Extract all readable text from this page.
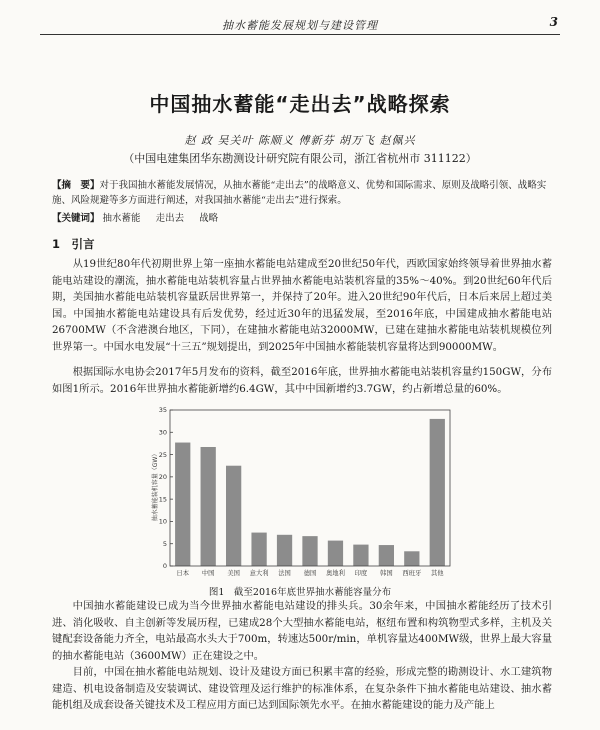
抽水蓄能发展规划与建设管理	3
中国抽水蓄能“走出去”战略探索
赵 政 吴关叶 陈顺义 傅新芬 胡万飞 赵佩兴
（中国电建集团华东勘测设计研究院有限公司，浙江省杭州市 311122）
【摘　要】对于我国抽水蓄能发展情况，从抽水蓄能“走出去”的战略意义、优势和国际需求、原则及战略引领、战略实施、风险规避等多方面进行阐述，对我国抽水蓄能“走出去”进行探索。
【关键词】 抽水蓄能 走出去 战略
1　引言
从19世纪80年代初期世界上第一座抽水蓄能电站建成至20世纪50年代，西欧国家始终领导着世界抽水蓄能电站建设的潮流，抽水蓄能电站装机容量占世界抽水蓄能电站装机容量的35%～40%。到20世纪60年代后期，美国抽水蓄能电站装机容量跃居世界第一，并保持了20年。进入20世纪90年代后，日本后来居上超过美国。中国抽水蓄能电站建设具有后发优势，经过近30年的迅猛发展，至2016年底，中国建成抽水蓄能电站26700MW（不含港澳台地区，下同），在建抽水蓄能电站32000MW，已建在建抽水蓄能电站装机规模位列世界第一。中国水电发展“十三五”规划提出，到2025年中国抽水蓄能装机容量将达到90000MW。
根据国际水电协会2017年5月发布的资料，截至2016年底，世界抽水蓄能电站装机容量约150GW，分布如图1所示。2016年世界抽水蓄能新增约6.4GW，其中中国新增约3.7GW，约占新增总量的60%。
0
5
10
15
20
25
30
35
日本 中国 美国 意大利 法国 德国 奥地利 印度 韩国 西班牙 其他
抽水蓄能装机容量（GW）
图1　截至2016年底世界抽水蓄能容量分布
中国抽水蓄能建设已成为当今世界抽水蓄能电站建设的排头兵。30余年来，中国抽水蓄能经历了技术引进、消化吸收、自主创新等发展历程，已建成28个大型抽水蓄能电站，枢纽布置和构筑物型式多样，主机及关键配套设备能力齐全，电站最高水头大于700m，转速达500r/min，单机容量达400MW级，世界上最大容量的抽水蓄能电站（3600MW）正在建设之中。
目前，中国在抽水蓄能电站规划、设计及建设方面已积累丰富的经验，形成完整的勘测设计、水工建筑物建造、机电设备制造及安装调试、建设管理及运行维护的标准体系，在复杂条件下抽水蓄能电站建设、抽水蓄能机组及成套设备关键技术及工程应用方面已达到国际领先水平。在抽水蓄能建设的能力及产能上
